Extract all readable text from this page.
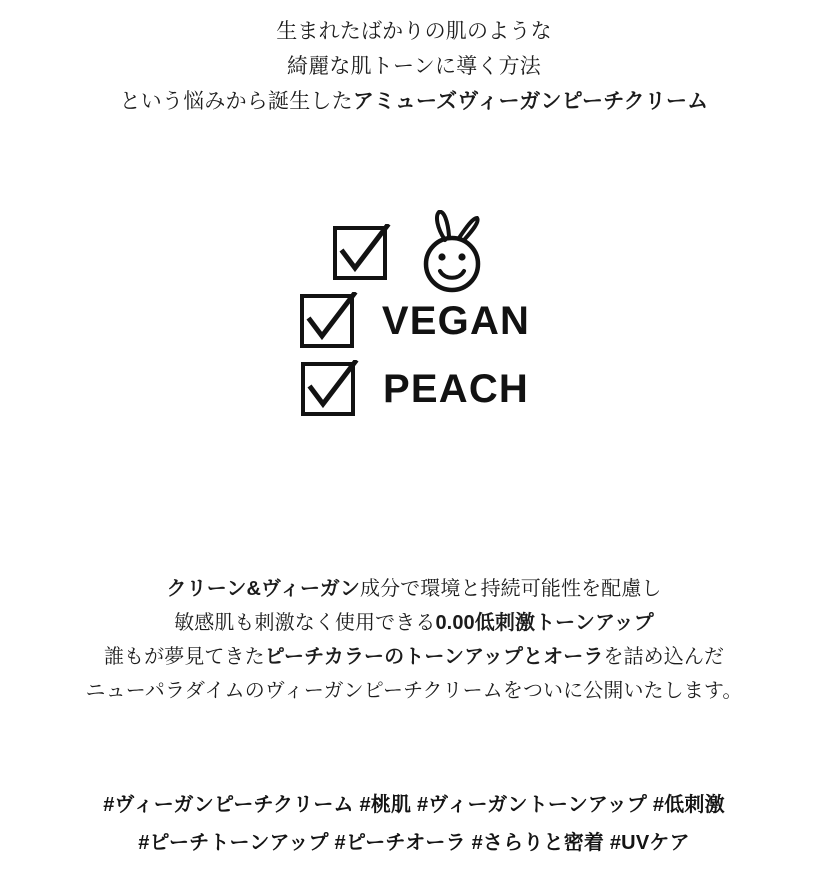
生まれたばかりの肌のような
綺麗な肌トーンに導く方法
という悩みから誕生したアミューズヴィーガンピーチクリーム
VEGAN
PEACH
クリーン&ヴィーガン成分で環境と持続可能性を配慮し
敏感肌も刺激なく使用できる0.00低刺激トーンアップ
誰もが夢見てきたピーチカラーのトーンアップとオーラを詰め込んだ
ニューパラダイムのヴィーガンピーチクリームをついに公開いたします。
#ヴィーガンピーチクリーム #桃肌 #ヴィーガントーンアップ #低刺激
#ピーチトーンアップ #ピーチオーラ #さらりと密着 #UVケア
